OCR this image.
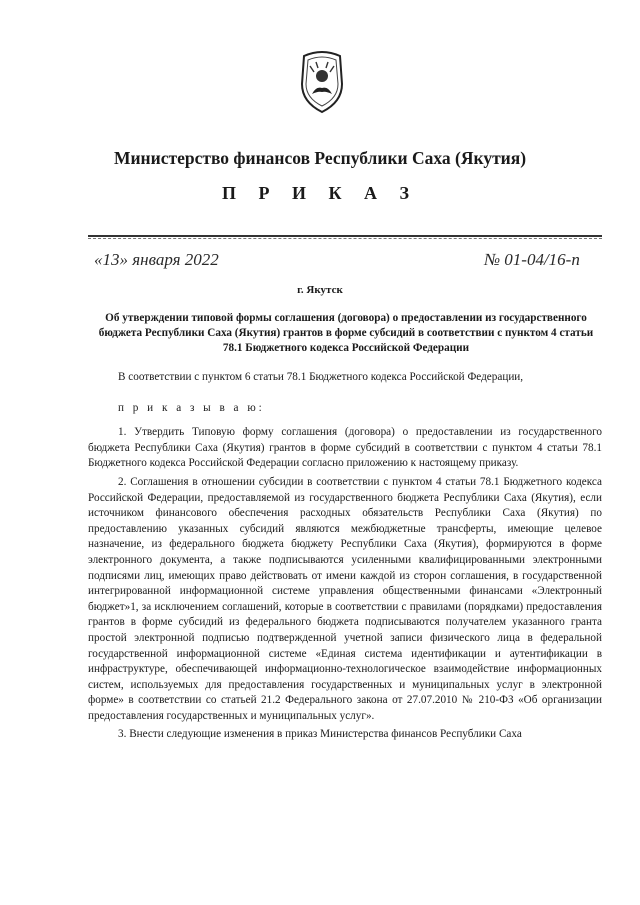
Министерство финансов Республики Саха (Якутия)
П Р И К А З
«13» января 2022	№ 01-04/16-п
г. Якутск
Об утверждении типовой формы соглашения (договора) о предоставлении из государственного бюджета Республики Саха (Якутия) грантов в форме субсидий в соответствии с пунктом 4 статьи 78.1 Бюджетного кодекса Российской Федерации

В соответствии с пунктом 6 статьи 78.1 Бюджетного кодекса Российской Федерации,

п р и к а з ы в а ю:

1. Утвердить Типовую форму соглашения (договора) о предоставлении из государственного бюджета Республики Саха (Якутия) грантов в форме субсидий в соответствии с пунктом 4 статьи 78.1 Бюджетного кодекса Российской Федерации согласно приложению к настоящему приказу.

2. Соглашения в отношении субсидии в соответствии с пунктом 4 статьи 78.1 Бюджетного кодекса Российской Федерации, предоставляемой из государственного бюджета Республики Саха (Якутия), если источником финансового обеспечения расходных обязательств Республики Саха (Якутия) по предоставлению указанных субсидий являются межбюджетные трансферты, имеющие целевое назначение, из федерального бюджета бюджету Республики Саха (Якутия), формируются в форме электронного документа, а также подписываются усиленными квалифицированными электронными подписями лиц, имеющих право действовать от имени каждой из сторон соглашения, в государственной интегрированной информационной системе управления общественными финансами «Электронный бюджет»1, за исключением соглашений, которые в соответствии с правилами (порядками) предоставления грантов в форме субсидий из федерального бюджета подписываются получателем указанного гранта простой электронной подписью подтвержденной учетной записи физического лица в федеральной государственной информационной системе «Единая система идентификации и аутентификации в инфраструктуре, обеспечивающей информационно-технологическое взаимодействие информационных систем, используемых для предоставления государственных и муниципальных услуг в электронной форме» в соответствии со статьей 21.2 Федерального закона от 27.07.2010 № 210-ФЗ «Об организации предоставления государственных и муниципальных услуг».

3. Внести следующие изменения в приказ Министерства финансов Республики Саха
